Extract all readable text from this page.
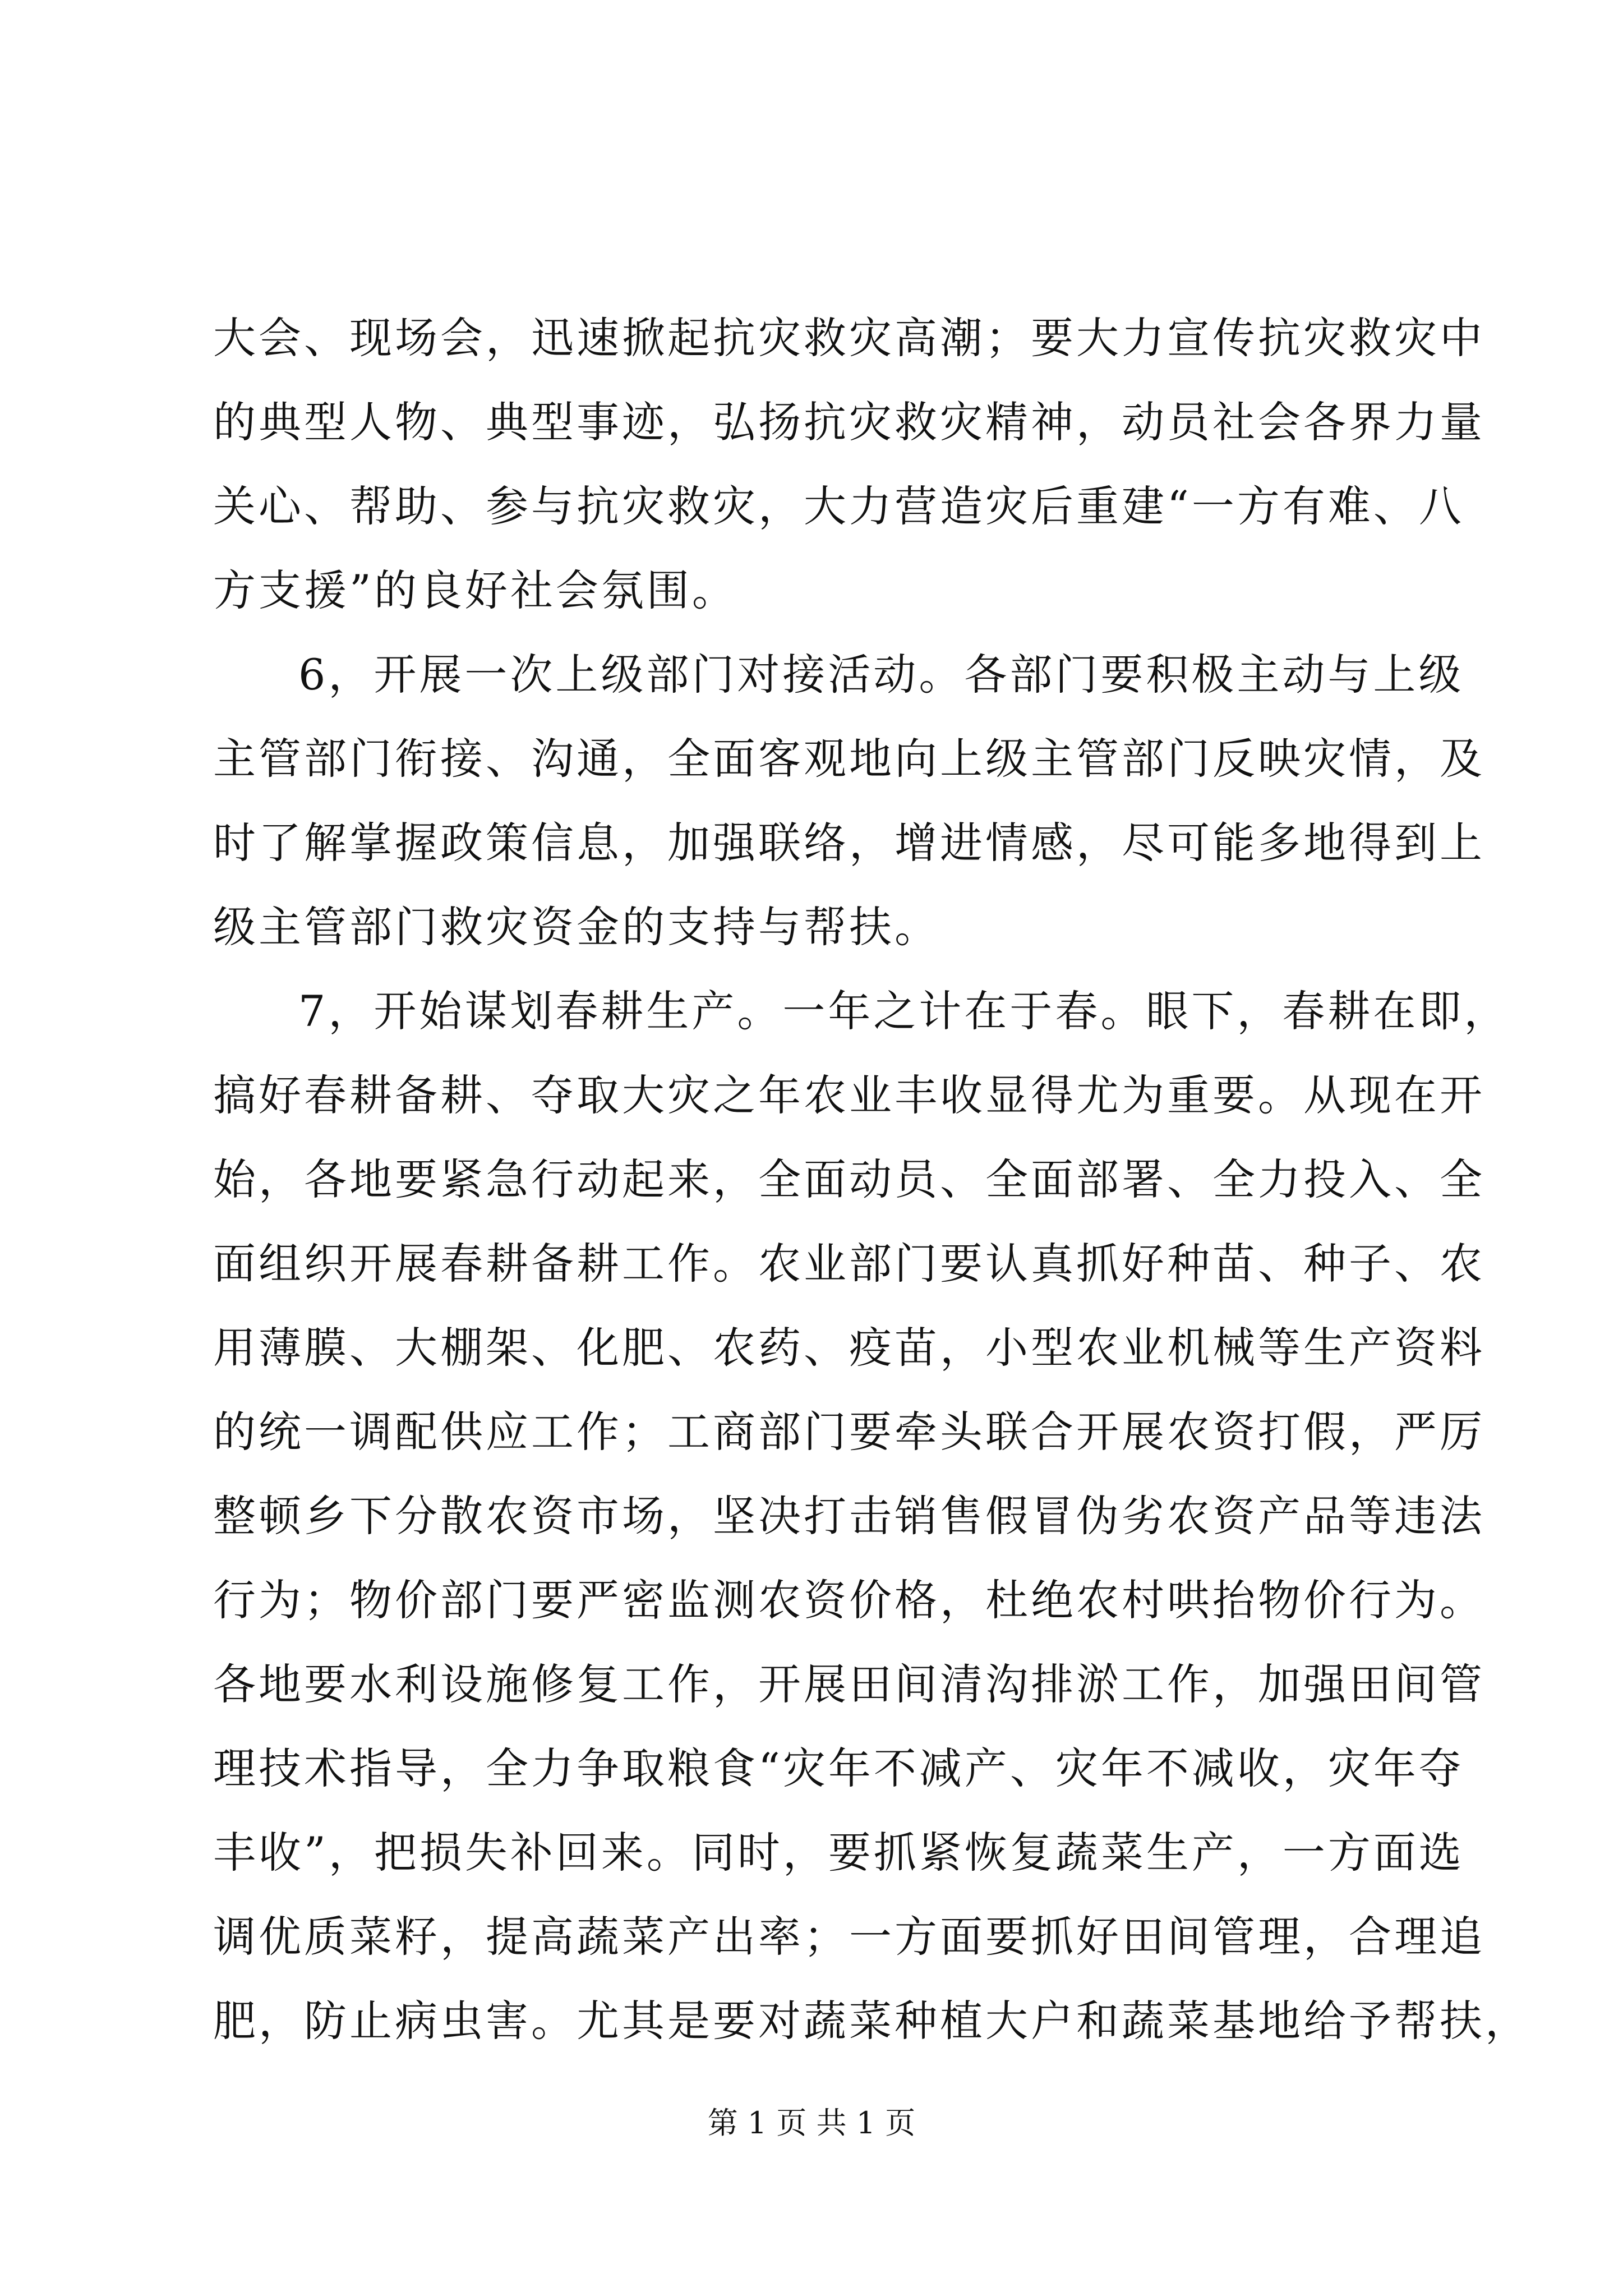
大会、现场会，迅速掀起抗灾救灾高潮；要大力宣传抗灾救灾中
的典型人物、典型事迹，弘扬抗灾救灾精神，动员社会各界力量
关心、帮助、参与抗灾救灾，大力营造灾后重建“一方有难、八
方支援”的良好社会氛围。
6，开展一次上级部门对接活动。各部门要积极主动与上级
主管部门衔接、沟通，全面客观地向上级主管部门反映灾情，及
时了解掌握政策信息，加强联络，增进情感，尽可能多地得到上
级主管部门救灾资金的支持与帮扶。
7，开始谋划春耕生产。一年之计在于春。眼下，春耕在即，
搞好春耕备耕、夺取大灾之年农业丰收显得尤为重要。从现在开
始，各地要紧急行动起来，全面动员、全面部署、全力投入、全
面组织开展春耕备耕工作。农业部门要认真抓好种苗、种子、农
用薄膜、大棚架、化肥、农药、疫苗，小型农业机械等生产资料
的统一调配供应工作；工商部门要牵头联合开展农资打假，严厉
整顿乡下分散农资市场，坚决打击销售假冒伪劣农资产品等违法
行为；物价部门要严密监测农资价格，杜绝农村哄抬物价行为。
各地要水利设施修复工作，开展田间清沟排淤工作，加强田间管
理技术指导，全力争取粮食“灾年不减产、灾年不减收，灾年夺
丰收”，把损失补回来。同时，要抓紧恢复蔬菜生产，一方面选
调优质菜籽，提高蔬菜产出率；一方面要抓好田间管理，合理追
肥，防止病虫害。尤其是要对蔬菜种植大户和蔬菜基地给予帮扶，
第 1 页 共 1 页
